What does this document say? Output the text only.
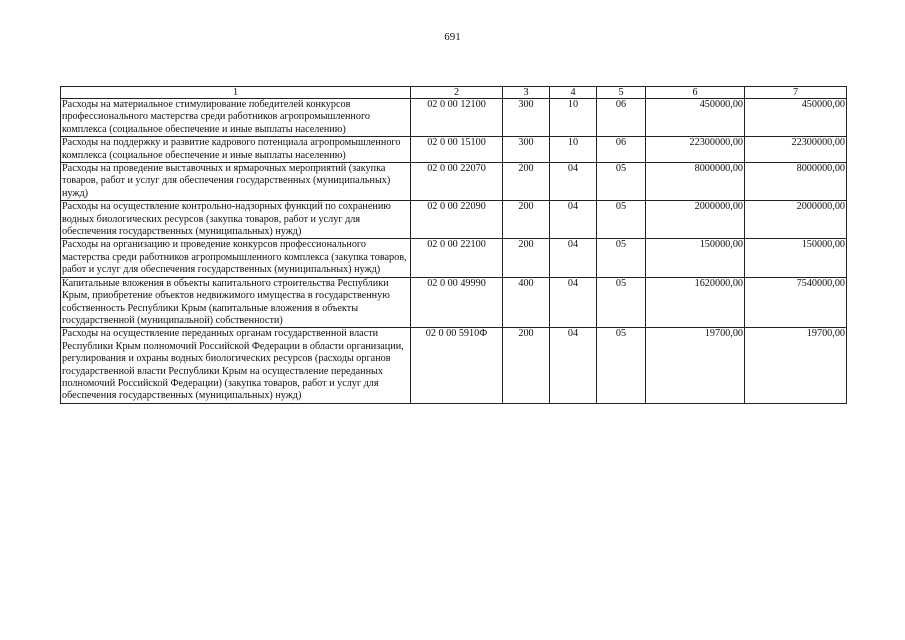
691
1	2	3	4	5	6	7
Расходы на материальное стимулирование победителей конкурсов профессионального мастерства среди работников агропромышленного комплекса (социальное обеспечение и иные выплаты населению)	02 0 00 12100	300	10	06	450000,00	450000,00
Расходы на поддержку и развитие кадрового потенциала агропромышленного комплекса (социальное обеспечение и иные выплаты населению)	02 0 00 15100	300	10	06	22300000,00	22300000,00
Расходы на проведение выставочных и ярмарочных мероприятий (закупка товаров, работ и услуг для обеспечения государственных (муниципальных) нужд)	02 0 00 22070	200	04	05	8000000,00	8000000,00
Расходы на осуществление контрольно-надзорных функций по сохранению водных биологических ресурсов (закупка товаров, работ и услуг для обеспечения государственных (муниципальных) нужд)	02 0 00 22090	200	04	05	2000000,00	2000000,00
Расходы на организацию и проведение конкурсов профессионального мастерства среди работников агропромышленного комплекса (закупка товаров, работ и услуг для обеспечения государственных (муниципальных) нужд)	02 0 00 22100	200	04	05	150000,00	150000,00
Капитальные вложения в объекты капитального строительства Республики Крым, приобретение объектов недвижимого имущества в государственную собственность Республики Крым (капитальные вложения в объекты государственной (муниципальной) собственности)	02 0 00 49990	400	04	05	1620000,00	7540000,00
Расходы на осуществление переданных органам государственной власти Республики Крым полномочий Российской Федерации в области организации, регулирования и охраны водных биологических ресурсов (расходы органов государственной власти Республики Крым на осуществление переданных полномочий Российской Федерации) (закупка товаров, работ и услуг для обеспечения государственных (муниципальных) нужд)	02 0 00 5910Ф	200	04	05	19700,00	19700,00
